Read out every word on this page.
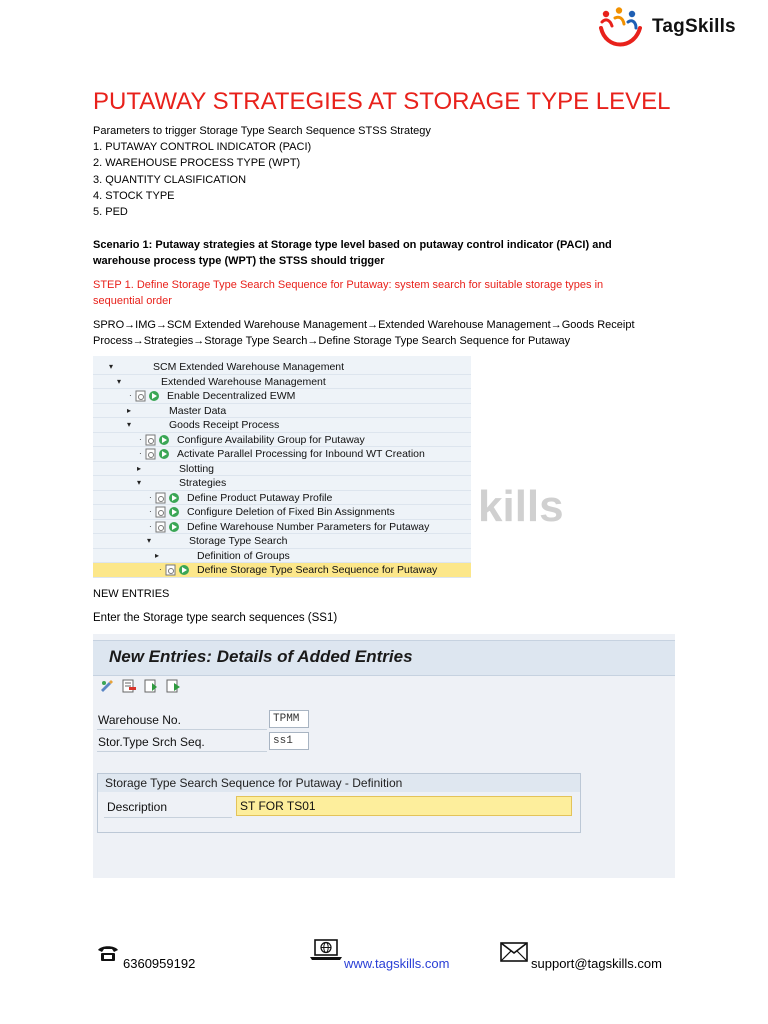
TagSkills
PUTAWAY STRATEGIES AT STORAGE TYPE LEVEL
Parameters to trigger Storage Type Search Sequence STSS Strategy
1. PUTAWAY CONTROL INDICATOR (PACI)
2. WAREHOUSE PROCESS TYPE (WPT)
3. QUANTITY CLASIFICATION
4. STOCK TYPE
5. PED
Scenario 1: Putaway strategies at Storage type level based on putaway control indicator (PACI) and
warehouse process type (WPT) the STSS should trigger
STEP 1. Define Storage Type Search Sequence for Putaway: system search for suitable storage types in
sequential order
SPRO→IMG→SCM Extended Warehouse Management→Extended Warehouse Management→Goods Receipt
Process→Strategies→Storage Type Search→Define Storage Type Search Sequence for Putaway
▾	SCM Extended Warehouse Management
▾	Extended Warehouse Management
·	Enable Decentralized EWM
▸	Master Data
▾	Goods Receipt Process
·	Configure Availability Group for Putaway
·	Activate Parallel Processing for Inbound WT Creation
▸	Slotting
▾	Strategies
·	Define Product Putaway Profile
·	Configure Deletion of Fixed Bin Assignments
·	Define Warehouse Number Parameters for Putaway
▾	Storage Type Search
▸	Definition of Groups
·	Define Storage Type Search Sequence for Putaway
kills
NEW ENTRIES
Enter the Storage type search sequences (SS1)
New Entries: Details of Added Entries
Warehouse No.	TPMM
Stor.Type Srch Seq.	ss1
Storage Type Search Sequence for Putaway - Definition
Description	ST FOR TS01
6360959192	www.tagskills.com	support@tagskills.com
